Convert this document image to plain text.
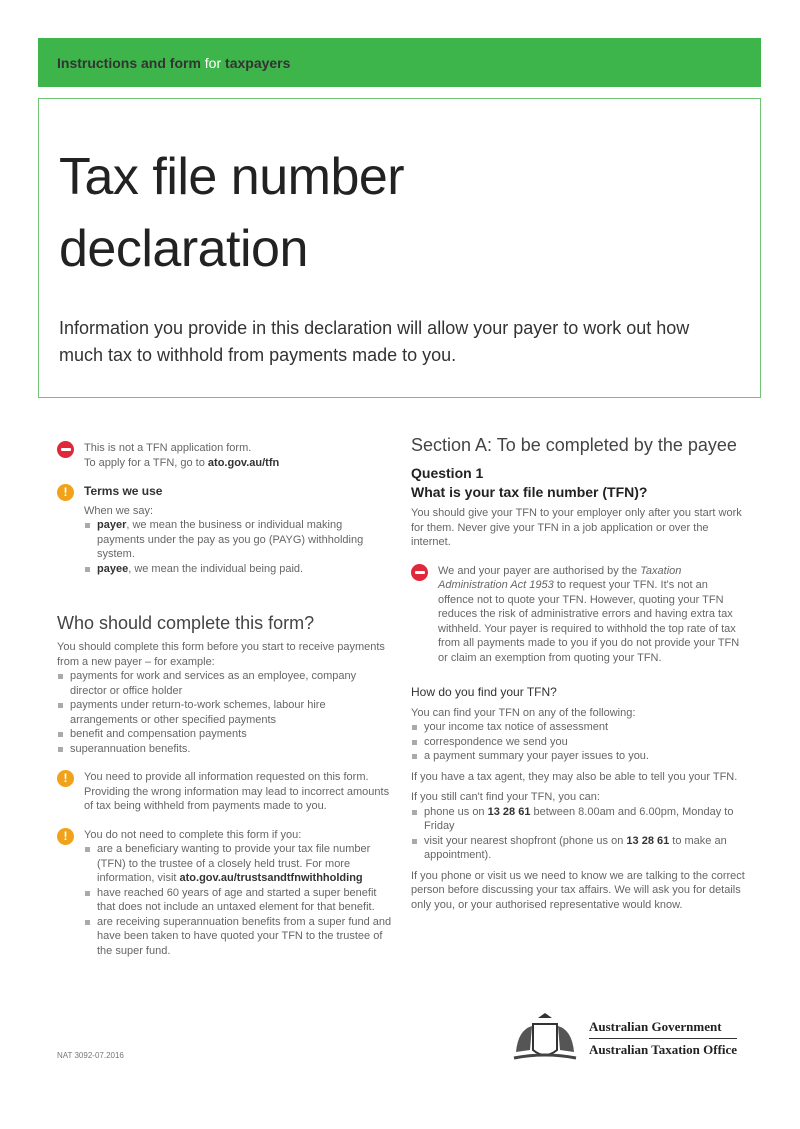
Instructions and form for taxpayers
Tax file number
declaration
Information you provide in this declaration will allow your payer to work out how much tax to withhold from payments made to you.
This is not a TFN application form.
To apply for a TFN, go to ato.gov.au/tfn
!	Terms we use
When we say:
payer, we mean the business or individual making payments under the pay as you go (PAYG) withholding system.
payee, we mean the individual being paid.
Who should complete this form?
You should complete this form before you start to receive payments from a new payer – for example:
payments for work and services as an employee, company director or office holder
payments under return-to-work schemes, labour hire arrangements or other specified payments
benefit and compensation payments
superannuation benefits.
!	You need to provide all information requested on this form. Providing the wrong information may lead to incorrect amounts of tax being withheld from payments made to you.
!	You do not need to complete this form if you:
are a beneficiary wanting to provide your tax file number (TFN) to the trustee of a closely held trust. For more information, visit ato.gov.au/trustsandtfnwithholding
have reached 60 years of age and started a super benefit that does not include an untaxed element for that benefit.
are receiving superannuation benefits from a super fund and have been taken to have quoted your TFN to the trustee of the super fund.
NAT 3092-07.2016
Section A: To be completed by the payee
Question 1
What is your tax file number (TFN)?
You should give your TFN to your employer only after you start work for them. Never give your TFN in a job application or over the internet.
We and your payer are authorised by the Taxation Administration Act 1953 to request your TFN. It's not an offence not to quote your TFN. However, quoting your TFN reduces the risk of administrative errors and having extra tax withheld. Your payer is required to withhold the top rate of tax from all payments made to you if you do not provide your TFN or claim an exemption from quoting your TFN.
How do you find your TFN?
You can find your TFN on any of the following:
your income tax notice of assessment
correspondence we send you
a payment summary your payer issues to you.

If you have a tax agent, they may also be able to tell you your TFN.

If you still can't find your TFN, you can:
phone us on 13 28 61 between 8.00am and 6.00pm, Monday to Friday
visit your nearest shopfront (phone us on 13 28 61 to make an appointment).

If you phone or visit us we need to know we are talking to the correct person before discussing your tax affairs. We will ask you for details only you, or your authorised representative would know.

Australian Government
Australian Taxation Office
